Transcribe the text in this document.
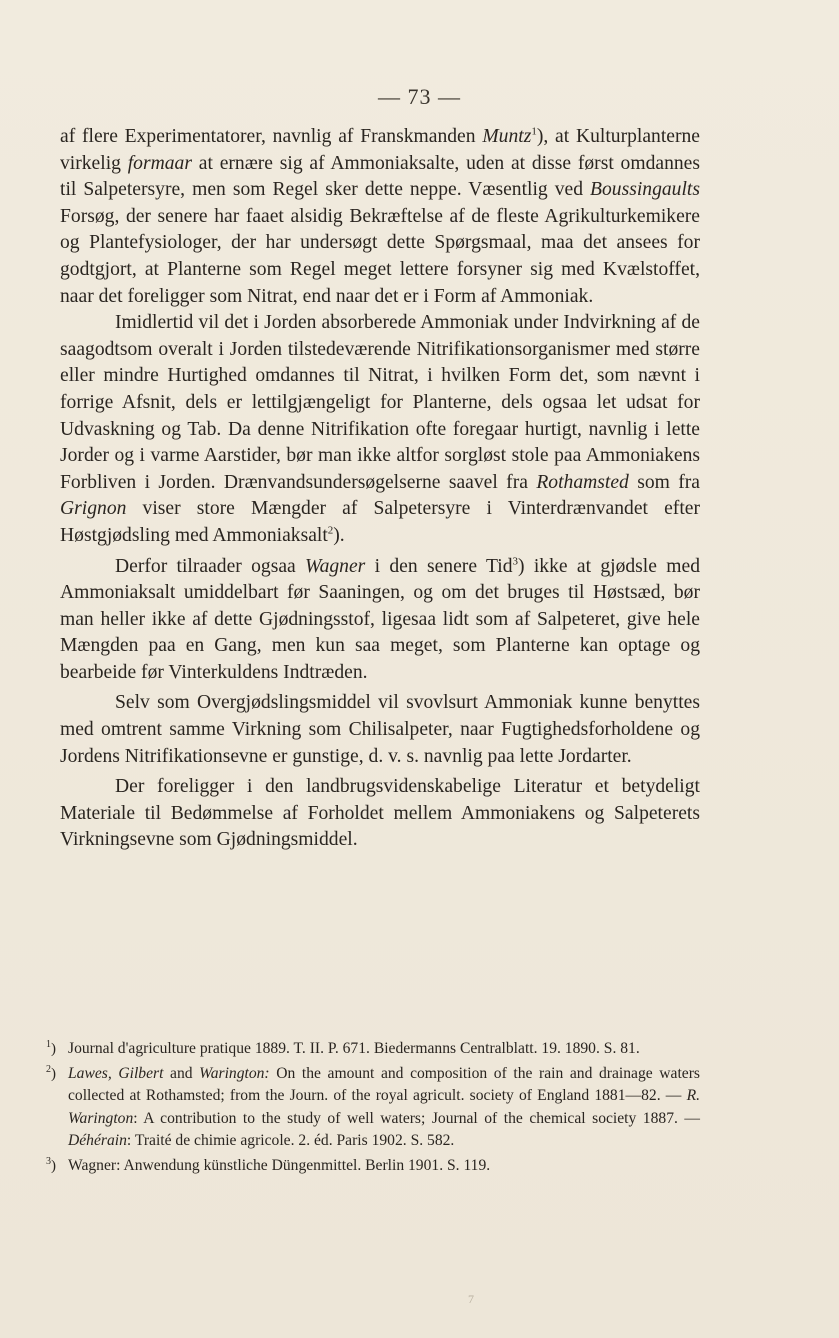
— 73 —

af flere Experimentatorer, navnlig af Franskmanden Muntz$^1$), at Kulturplanterne virkelig formaar at ernære sig af Ammoniaksalte, uden at disse først omdannes til Salpetersyre, men som Regel sker dette neppe. Væsentlig ved Boussingaults Forsøg, der senere har faaet alsidig Bekræftelse af de fleste Agrikulturkemikere og Plantefysiologer, der har undersøgt dette Spørgsmaal, maa det ansees for godtgjort, at Planterne som Regel meget lettere forsyner sig med Kvælstoffet, naar det foreligger som Nitrat, end naar det er i Form af Ammoniak.

Imidlertid vil det i Jorden absorberede Ammoniak under Indvirkning af de saagodtsom overalt i Jorden tilstedeværende Nitrifikationsorganismer med større eller mindre Hurtighed omdannes til Nitrat, i hvilken Form det, som nævnt i forrige Afsnit, dels er lettilgjængeligt for Planterne, dels ogsaa let udsat for Udvaskning og Tab. Da denne Nitrifikation ofte foregaar hurtigt, navnlig i lette Jorder og i varme Aarstider, bør man ikke altfor sorgløst stole paa Ammoniakens Forbliven i Jorden. Drænvandsundersøgelserne saavel fra Rothamsted som fra Grignon viser store Mængder af Salpetersyre i Vinterdrænvandet efter Høstgjødsling med Ammoniaksalt$^2$).

Derfor tilraader ogsaa Wagner i den senere Tid$^3$) ikke at gjødsle med Ammoniaksalt umiddelbart før Saaningen, og om det bruges til Høstsæd, bør man heller ikke af dette Gjødningsstof, ligesaa lidt som af Salpeteret, give hele Mængden paa en Gang, men kun saa meget, som Planterne kan optage og bearbeide før Vinterkuldens Indtræden.

Selv som Overgjødslingsmiddel vil svovlsurt Ammoniak kunne benyttes med omtrent samme Virkning som Chilisalpeter, naar Fugtighedsforholdene og Jordens Nitrifikationsevne er gunstige, d. v. s. navnlig paa lette Jordarter.

Der foreligger i den landbrugsvidenskabelige Literatur et betydeligt Materiale til Bedømmelse af Forholdet mellem Ammoniakens og Salpeterets Virkningsevne som Gjødningsmiddel.

$^1$) Journal d'agriculture pratique 1889. T. II. P. 671. Biedermanns Centralblatt. 19. 1890. S. 81.

$^2$) Lawes, Gilbert and Warington: On the amount and composition of the rain and drainage waters collected at Rothamsted; from the Journ. of the royal agricult. society of England 1881—82. — R. Warington: A contribution to the study of well waters; Journal of the chemical society 1887. — Déhérain: Traité de chimie agricole. 2. éd. Paris 1902. S. 582.

$^3$) Wagner: Anwendung künstliche Düngenmittel. Berlin 1901. S. 119.

7
